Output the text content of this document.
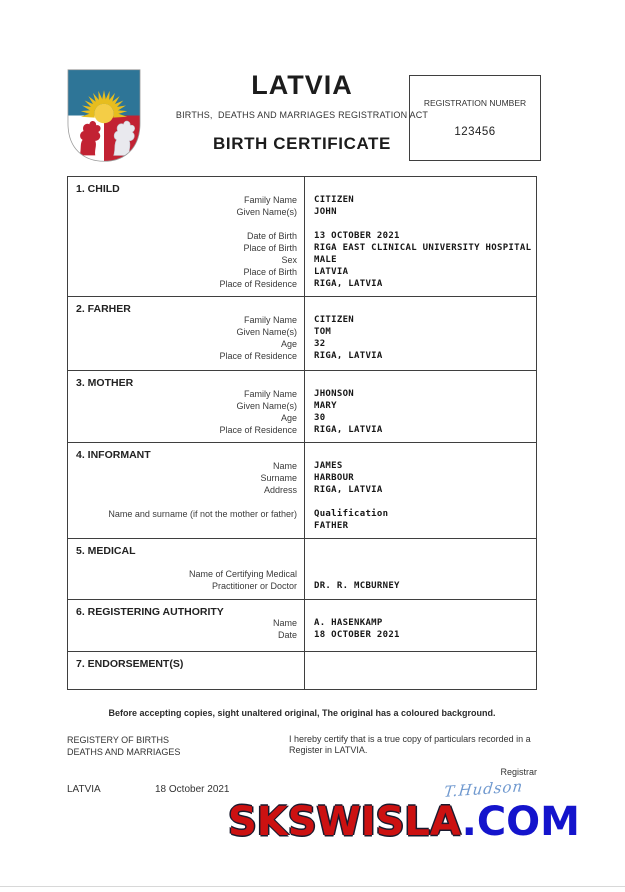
LATVIA
BIRTHS,  DEATHS AND MARRIAGES REGISTRATION ACT
BIRTH CERTIFICATE
REGISTRATION NUMBER
123456
1. CHILD
Family Name
Given Name(s)
Date of Birth
Place of Birth
Sex
Place of Birth
Place of Residence
CITIZEN
JOHN
13 OCTOBER 2021
RIGA EAST CLINICAL UNIVERSITY HOSPITAL
MALE
LATVIA
RIGA, LATVIA
2. FARHER
Family Name
Given Name(s)
Age
Place of Residence
CITIZEN
TOM
32
RIGA, LATVIA
3. MOTHER
Family Name
Given Name(s)
Age
Place of Residence
JHONSON
MARY
30
RIGA, LATVIA
4. INFORMANT
Name
Surname
Address
Name and surname (if not the mother or father)
JAMES
HARBOUR
RIGA, LATVIA
Qualification
FATHER
5. MEDICAL
Name of Certifying Medical
Practitioner or Doctor DR. R. MCBURNEY
6. REGISTERING AUTHORITY
Name
Date
A. HASENKAMP
18 OCTOBER 2021
7. ENDORSEMENT(S)
Before accepting copies, sight unaltered original, The original has a coloured background.
REGISTERY OF BIRTHS
DEATHS AND MARRIAGES
I hereby certify that is a true copy of particulars recorded in a Register in LATVIA.
Registrar
LATVIA	18 October 2021	T.Hudson
SKSWISLA.COM
